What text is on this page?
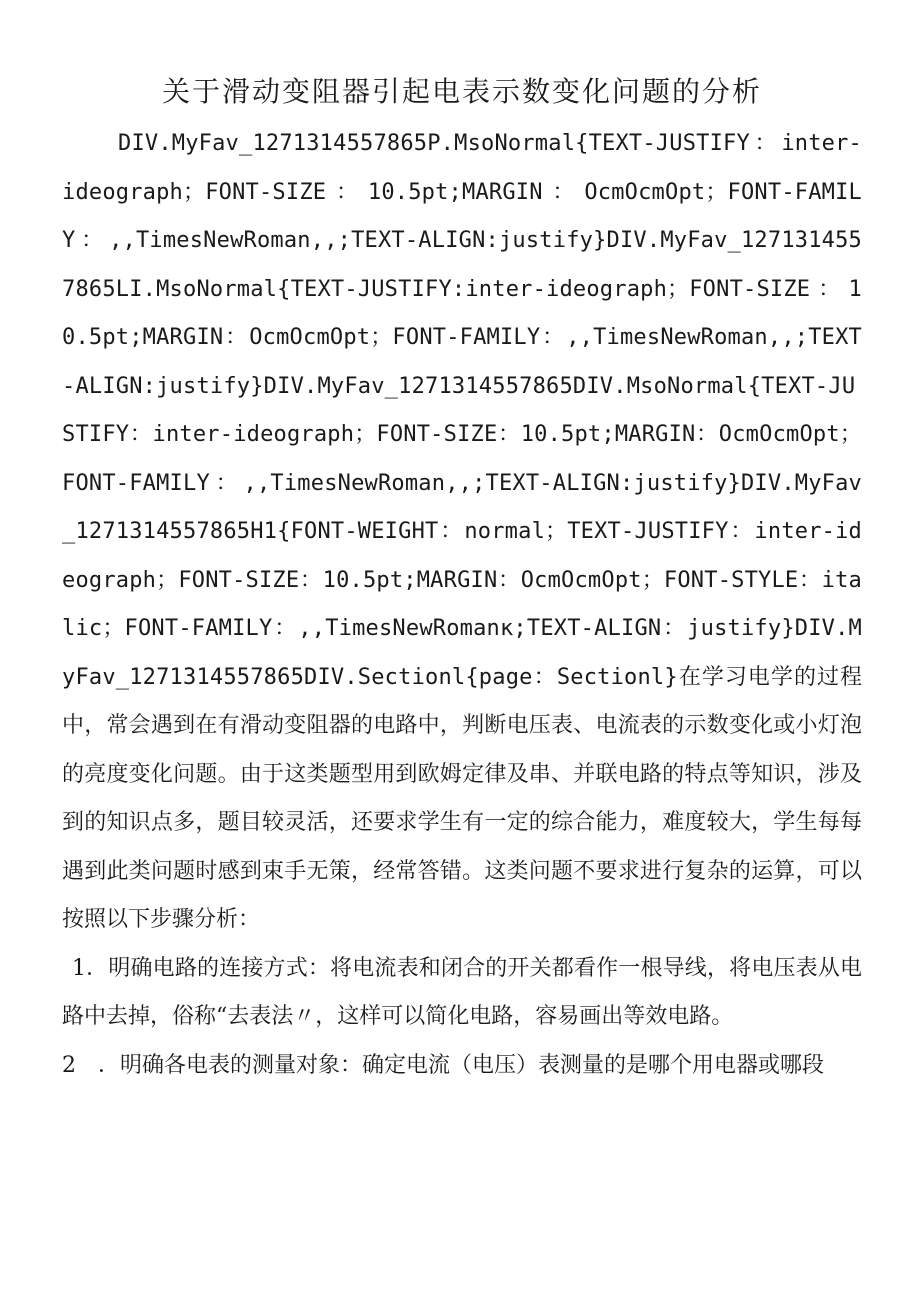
关于滑动变阻器引起电表示数变化问题的分析

DIV.MyFav_1271314557865P.MsoNormal{TEXT-JUSTIFY：inter-ideograph；FONT-SIZE：10.5pt;MARGIN：OcmOcmOpt；FONT-FAMILY：,,TimesNewRoman,,;TEXT-ALIGN:justify}DIV.MyFav_1271314557865LI.MsoNormal{TEXT-JUSTIFY:inter-ideograph；FONT-SIZE：10.5pt;MARGIN：OcmOcmOpt；FONT-FAMILY：,,TimesNewRoman,,;TEXT-ALIGN:justify}DIV.MyFav_1271314557865DIV.MsoNormal{TEXT-JUSTIFY：inter-ideograph；FONT-SIZE：10.5pt;MARGIN：OcmOcmOpt；FONT-FAMILY：,,TimesNewRoman,,;TEXT-ALIGN:justify}DIV.MyFav_1271314557865H1{FONT-WEIGHT：normal；TEXT-JUSTIFY：inter-ideograph；FONT-SIZE：10.5pt;MARGIN：OcmOcmOpt；FONT-STYLE：italic；FONT-FAMILY：,,TimesNewRomanκ;TEXT-ALIGN：justify}DIV.MyFav_1271314557865DIV.Sectionl{page：Sectionl}在学习电学的过程中，常会遇到在有滑动变阻器的电路中，判断电压表、电流表的示数变化或小灯泡的亮度变化问题。由于这类题型用到欧姆定律及串、并联电路的特点等知识，涉及到的知识点多，题目较灵活，还要求学生有一定的综合能力，难度较大，学生每每遇到此类问题时感到束手无策，经常答错。这类问题不要求进行复杂的运算，可以按照以下步骤分析：

1．明确电路的连接方式：将电流表和闭合的开关都看作一根导线，将电压表从电路中去掉，俗称“去表法〃，这样可以简化电路，容易画出等效电路。

2　．明确各电表的测量对象：确定电流（电压）表测量的是哪个用电器或哪段
